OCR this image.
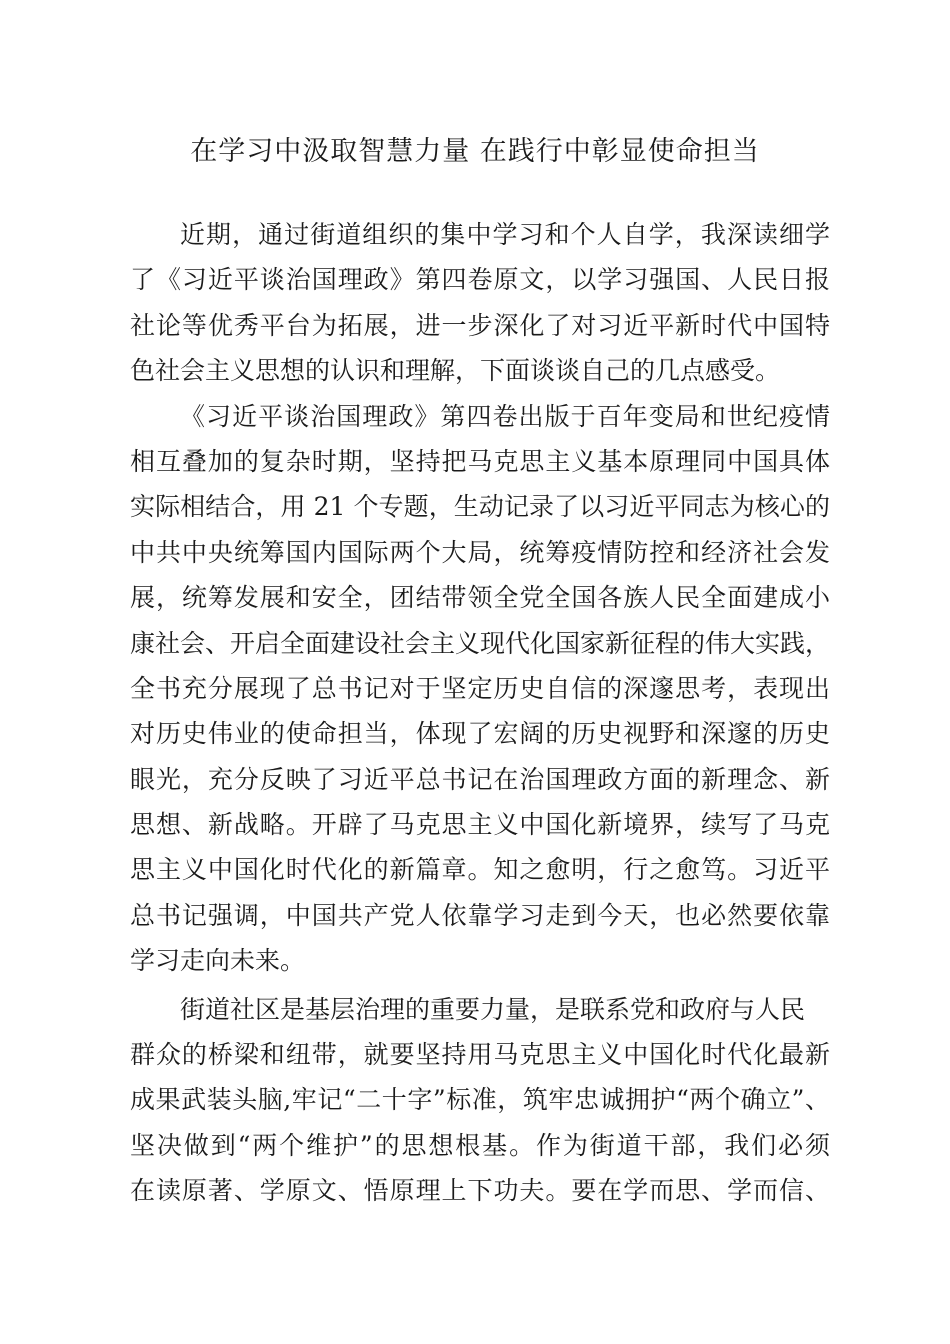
在学习中汲取智慧力量 在践行中彰显使命担当
近期，通过街道组织的集中学习和个人自学，我深读细学
了《习近平谈治国理政》第四卷原文，以学习强国、人民日报
社论等优秀平台为拓展，进一步深化了对习近平新时代中国特
色社会主义思想的认识和理解，下面谈谈自己的几点感受。
《习近平谈治国理政》第四卷出版于百年变局和世纪疫情
相互叠加的复杂时期，坚持把马克思主义基本原理同中国具体
实际相结合，用 21 个专题，生动记录了以习近平同志为核心的
中共中央统筹国内国际两个大局，统筹疫情防控和经济社会发
展，统筹发展和安全，团结带领全党全国各族人民全面建成小
康社会、开启全面建设社会主义现代化国家新征程的伟大实践，
全书充分展现了总书记对于坚定历史自信的深邃思考，表现出
对历史伟业的使命担当，体现了宏阔的历史视野和深邃的历史
眼光，充分反映了习近平总书记在治国理政方面的新理念、新
思想、新战略。开辟了马克思主义中国化新境界，续写了马克
思主义中国化时代化的新篇章。知之愈明，行之愈笃。习近平
总书记强调，中国共产党人依靠学习走到今天，也必然要依靠
学习走向未来。
街道社区是基层治理的重要力量，是联系党和政府与人民
群众的桥梁和纽带，就要坚持用马克思主义中国化时代化最新
成果武装头脑,牢记“二十字”标准，筑牢忠诚拥护“两个确立”、
坚决做到“两个维护”的思想根基。作为街道干部，我们必须
在读原著、学原文、悟原理上下功夫。要在学而思、学而信、
